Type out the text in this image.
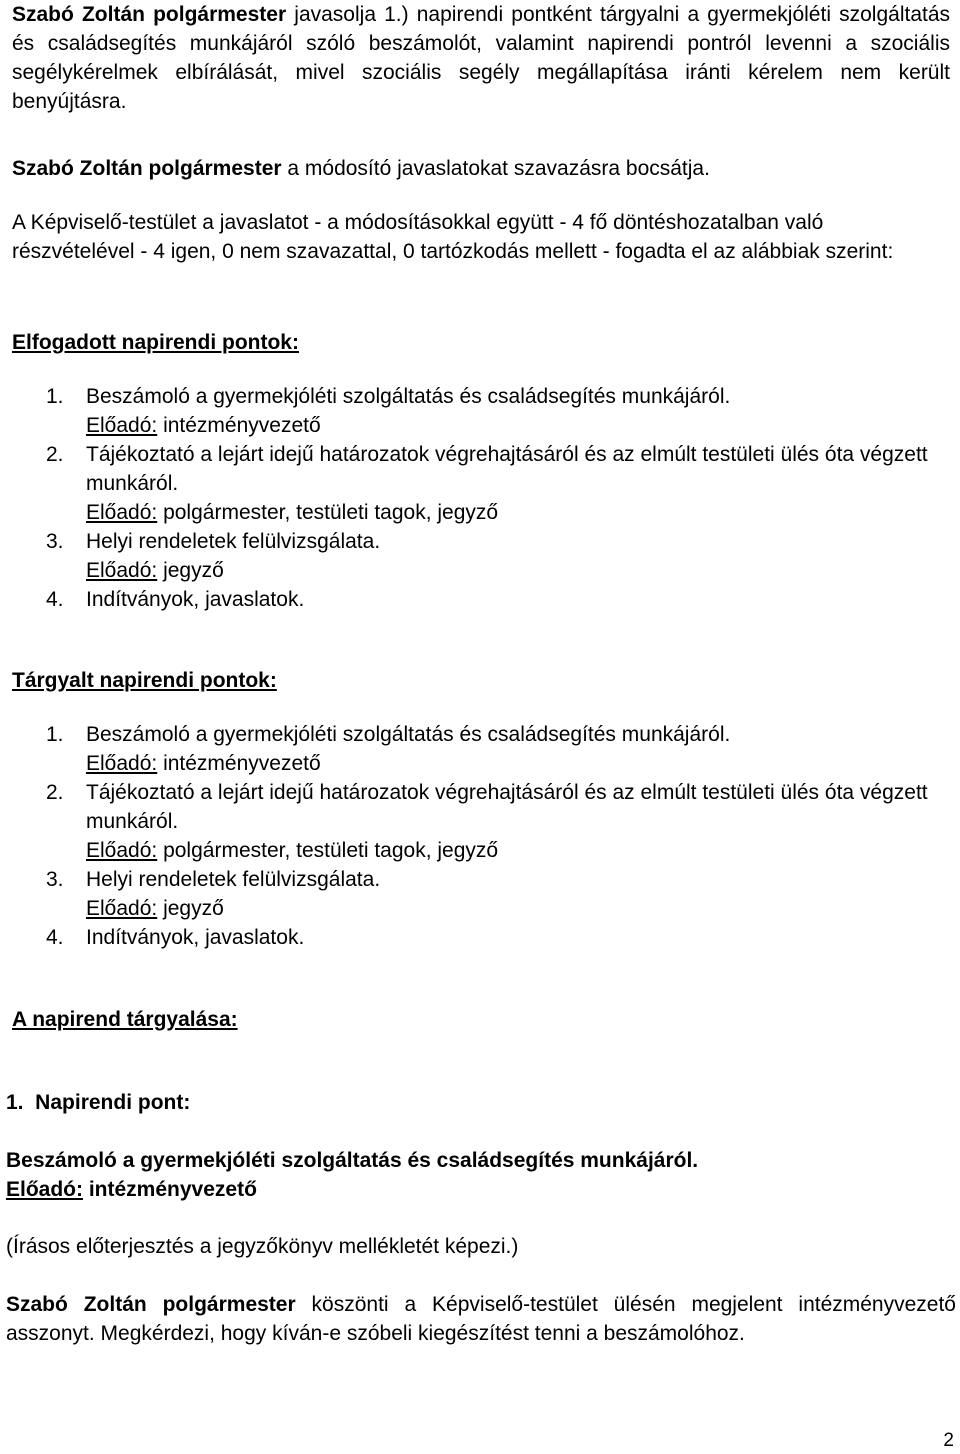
Szabó Zoltán polgármester javasolja 1.) napirendi pontként tárgyalni a gyermekjóléti szolgáltatás és családsegítés munkájáról szóló beszámolót, valamint napirendi pontról levenni a szociális segélykérelmek elbírálását, mivel szociális segély megállapítása iránti kérelem nem került benyújtásra.
Szabó Zoltán polgármester a módosító javaslatokat szavazásra bocsátja.
A Képviselő-testület a javaslatot - a módosításokkal együtt - 4 fő döntéshozatalban való részvételével - 4 igen, 0 nem szavazattal, 0 tartózkodás mellett - fogadta el az alábbiak szerint:
Elfogadott napirendi pontok:
1. Beszámoló a gyermekjóléti szolgáltatás és családsegítés munkájáról.
Előadó: intézményvezető
2. Tájékoztató a lejárt idejű határozatok végrehajtásáról és az elmúlt testületi ülés óta végzett munkáról.
Előadó: polgármester, testületi tagok, jegyző
3. Helyi rendeletek felülvizsgálata.
Előadó: jegyző
4. Indítványok, javaslatok.
Tárgyalt napirendi pontok:
1. Beszámoló a gyermekjóléti szolgáltatás és családsegítés munkájáról.
Előadó: intézményvezető
2. Tájékoztató a lejárt idejű határozatok végrehajtásáról és az elmúlt testületi ülés óta végzett munkáról.
Előadó: polgármester, testületi tagok, jegyző
3. Helyi rendeletek felülvizsgálata.
Előadó: jegyző
4. Indítványok, javaslatok.
A napirend tárgyalása:
1.  Napirendi pont:
Beszámoló a gyermekjóléti szolgáltatás és családsegítés munkájáról.
Előadó: intézményvezető
(Írásos előterjesztés a jegyzőkönyv mellékletét képezi.)
Szabó Zoltán polgármester köszönti a Képviselő-testület ülésén megjelent intézményvezető asszonyt. Megkérdezi, hogy kíván-e szóbeli kiegészítést tenni a beszámolóhoz.
2
